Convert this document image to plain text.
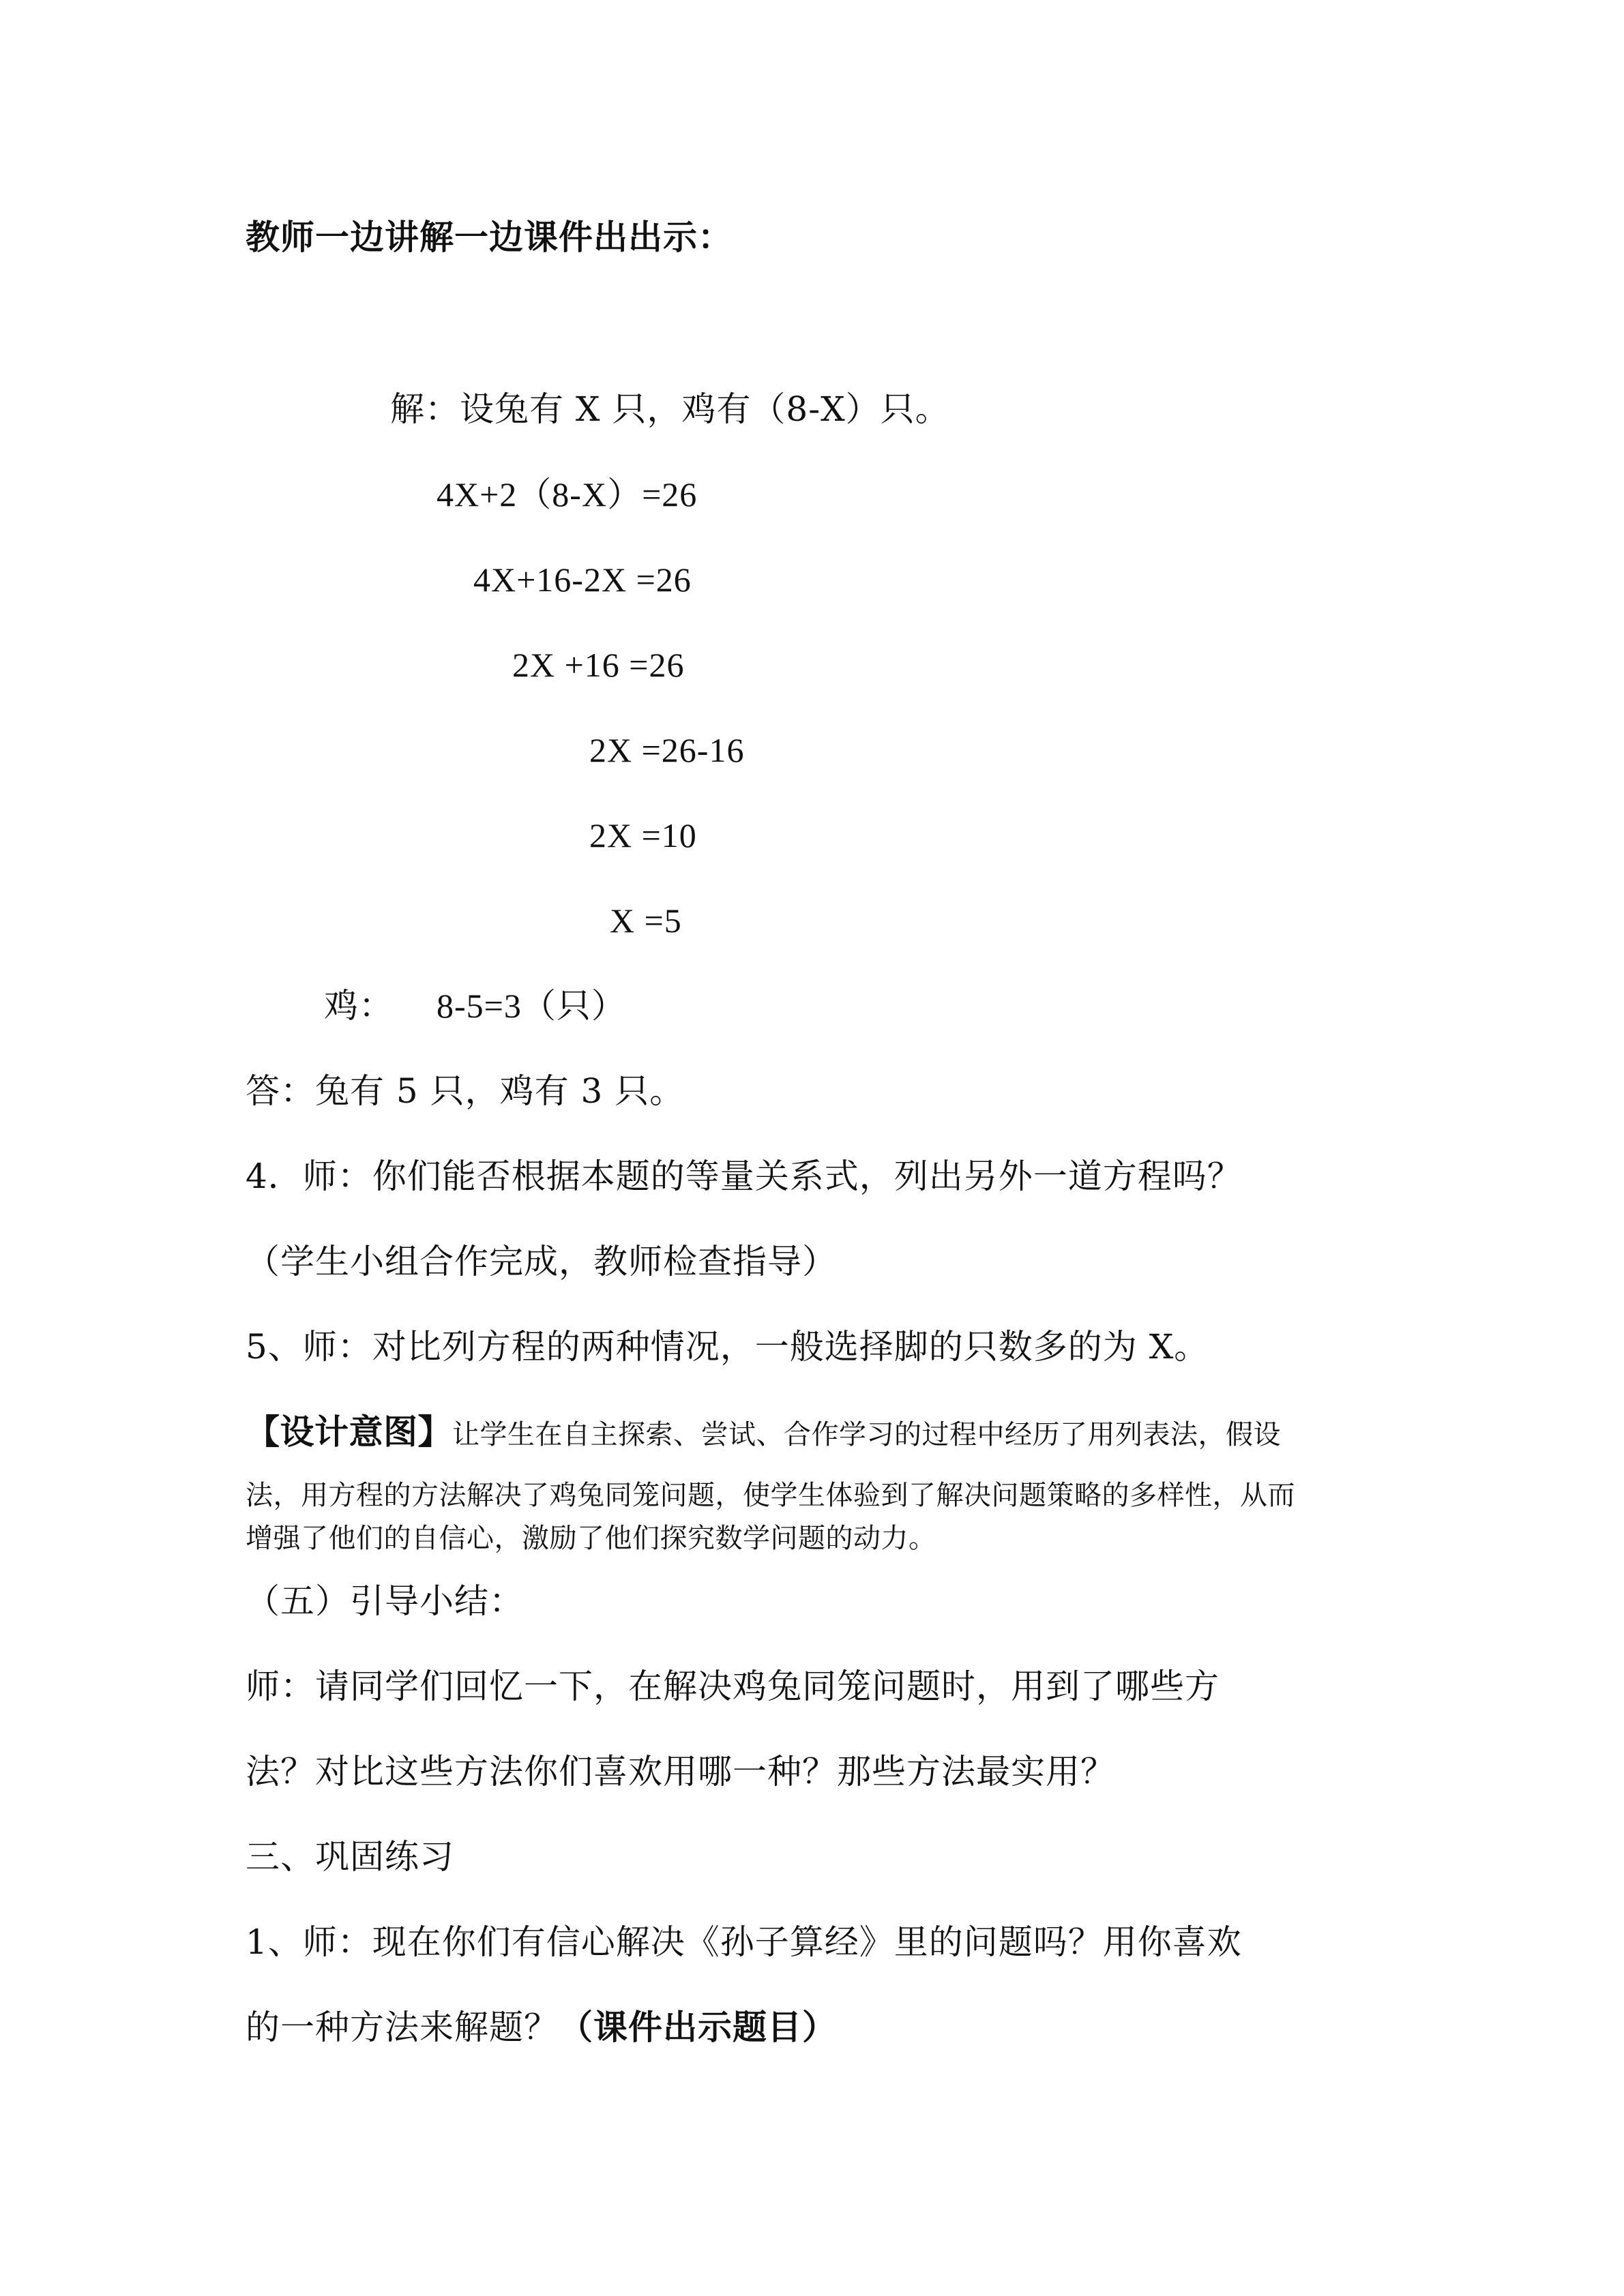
教师一边讲解一边课件出出示：

解：设兔有 X 只，鸡有（8-X）只。

4X+2（8-X）=26

4X+16-2X =26

2X +16 =26

2X =26-16

2X =10

X =5

鸡： 8-5=3（只）

答：兔有 5 只，鸡有 3 只。

4．师：你们能否根据本题的等量关系式，列出另外一道方程吗？

（学生小组合作完成，教师检查指导）

5、师：对比列方程的两种情况，一般选择脚的只数多的为 X。

【设计意图】让学生在自主探索、尝试、合作学习的过程中经历了用列表法，假设

法，用方程的方法解决了鸡兔同笼问题，使学生体验到了解决问题策略的多样性，从而

增强了他们的自信心，激励了他们探究数学问题的动力。

（五）引导小结：

师：请同学们回忆一下，在解决鸡兔同笼问题时，用到了哪些方

法？对比这些方法你们喜欢用哪一种？那些方法最实用？

三、巩固练习

1、师：现在你们有信心解决《孙子算经》里的问题吗？用你喜欢

的一种方法来解题？（课件出示题目）
